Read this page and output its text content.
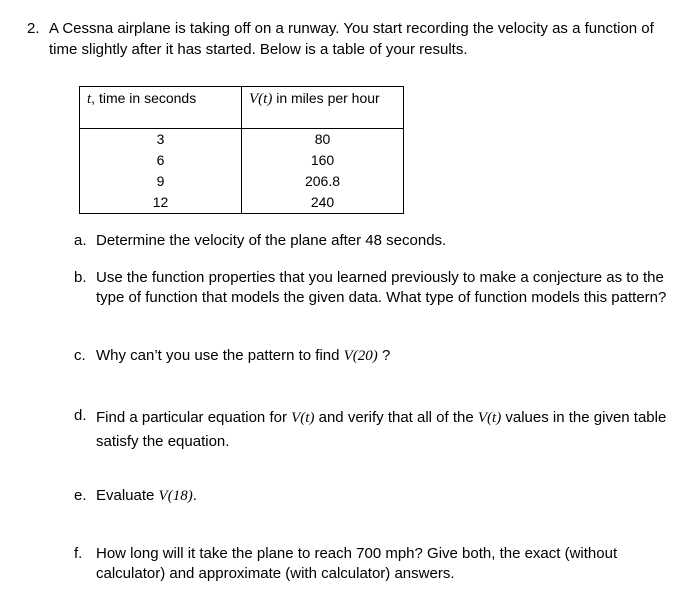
2. A Cessna airplane is taking off on a runway. You start recording the velocity as a function of time slightly after it has started. Below is a table of your results.
t, time in seconds	V(t) in miles per hour
3	80
6	160
9	206.8
12	240
a. Determine the velocity of the plane after 48 seconds.
b. Use the function properties that you learned previously to make a conjecture as to the type of function that models the given data. What type of function models this pattern?
c. Why can’t you use the pattern to find V(20) ?
d. Find a particular equation for V(t) and verify that all of the V(t) values in the given table satisfy the equation.
e. Evaluate V(18).
f. How long will it take the plane to reach 700 mph? Give both, the exact (without calculator) and approximate (with calculator) answers.
